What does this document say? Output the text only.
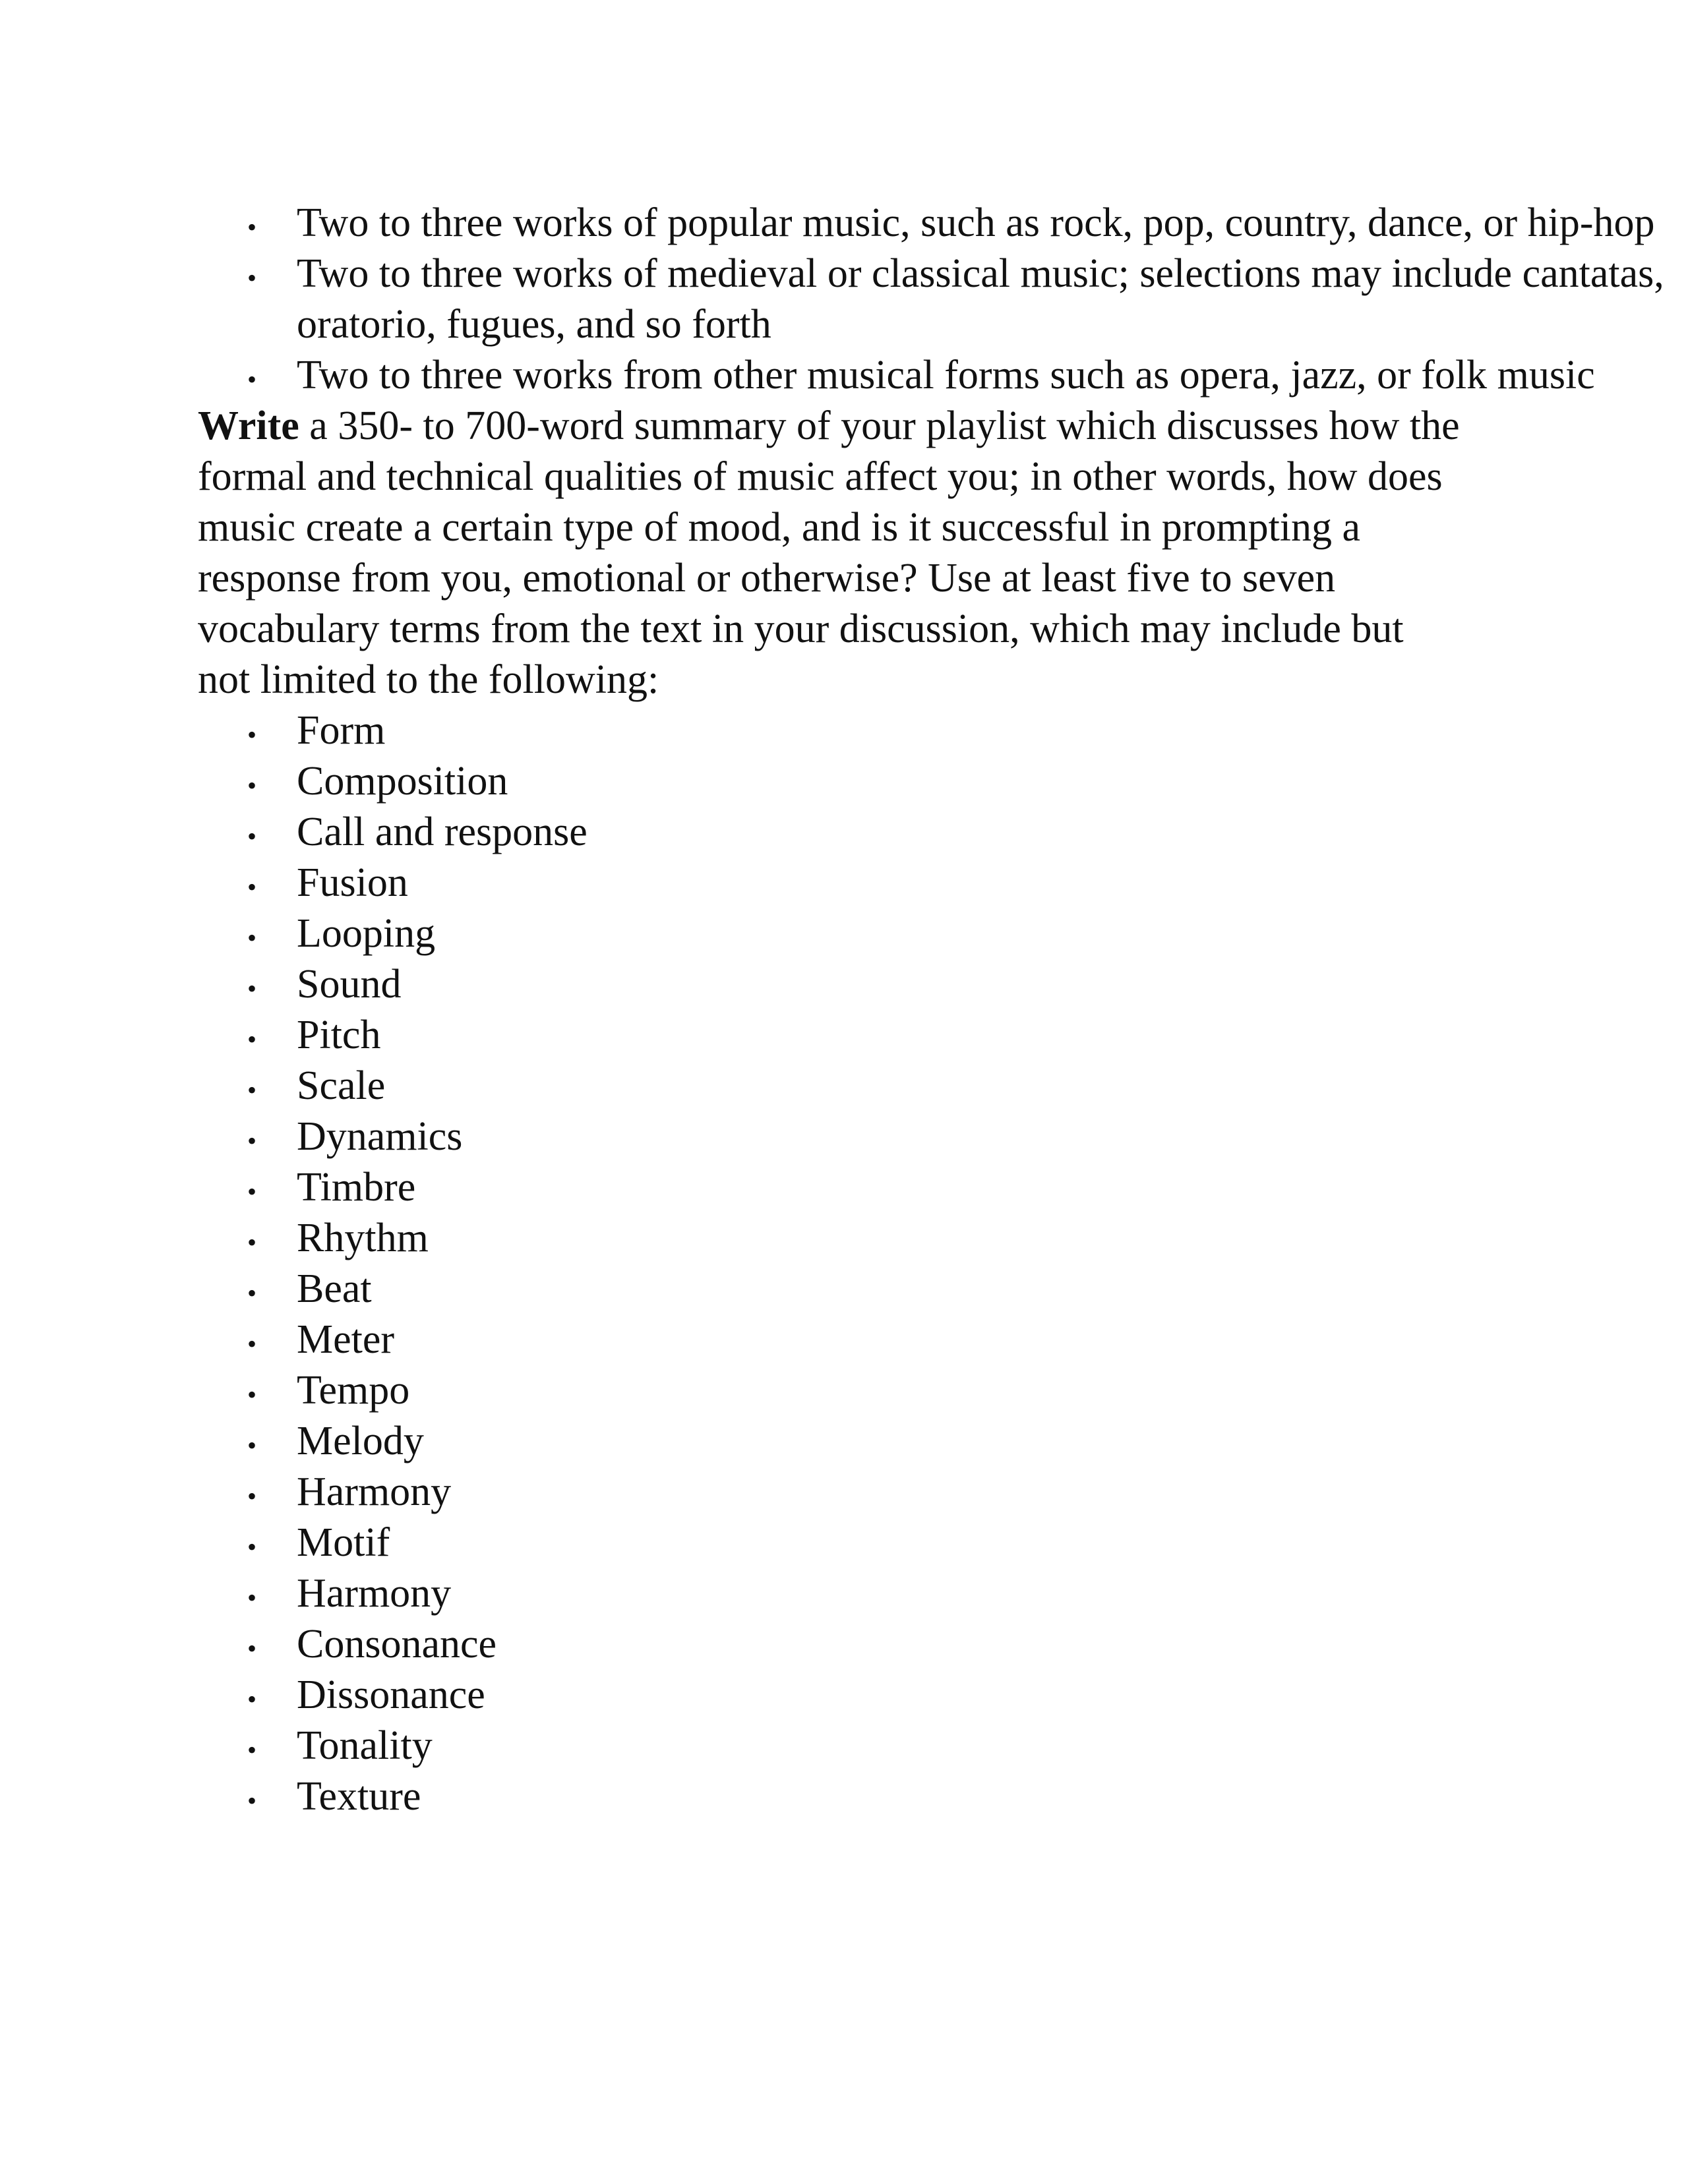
•
Two to three works of popular music, such as rock, pop, country, dance, or hip-hop
•
Two to three works of medieval or classical music; selections may include cantatas, oratorio, fugues, and so forth
•
Two to three works from other musical forms such as opera, jazz, or folk music

Write a 350- to 700-word summary of your playlist which discusses how the formal and technical qualities of music affect you; in other words, how does music create a certain type of mood, and is it successful in prompting a response from you, emotional or otherwise? Use at least five to seven vocabulary terms from the text in your discussion, which may include but not limited to the following:

•
Form
•
Composition
•
Call and response
•
Fusion
•
Looping
•
Sound
•
Pitch
•
Scale
•
Dynamics
•
Timbre
•
Rhythm
•
Beat
•
Meter
•
Tempo
•
Melody
•
Harmony
•
Motif
•
Harmony
•
Consonance
•
Dissonance
•
Tonality
•
Texture
